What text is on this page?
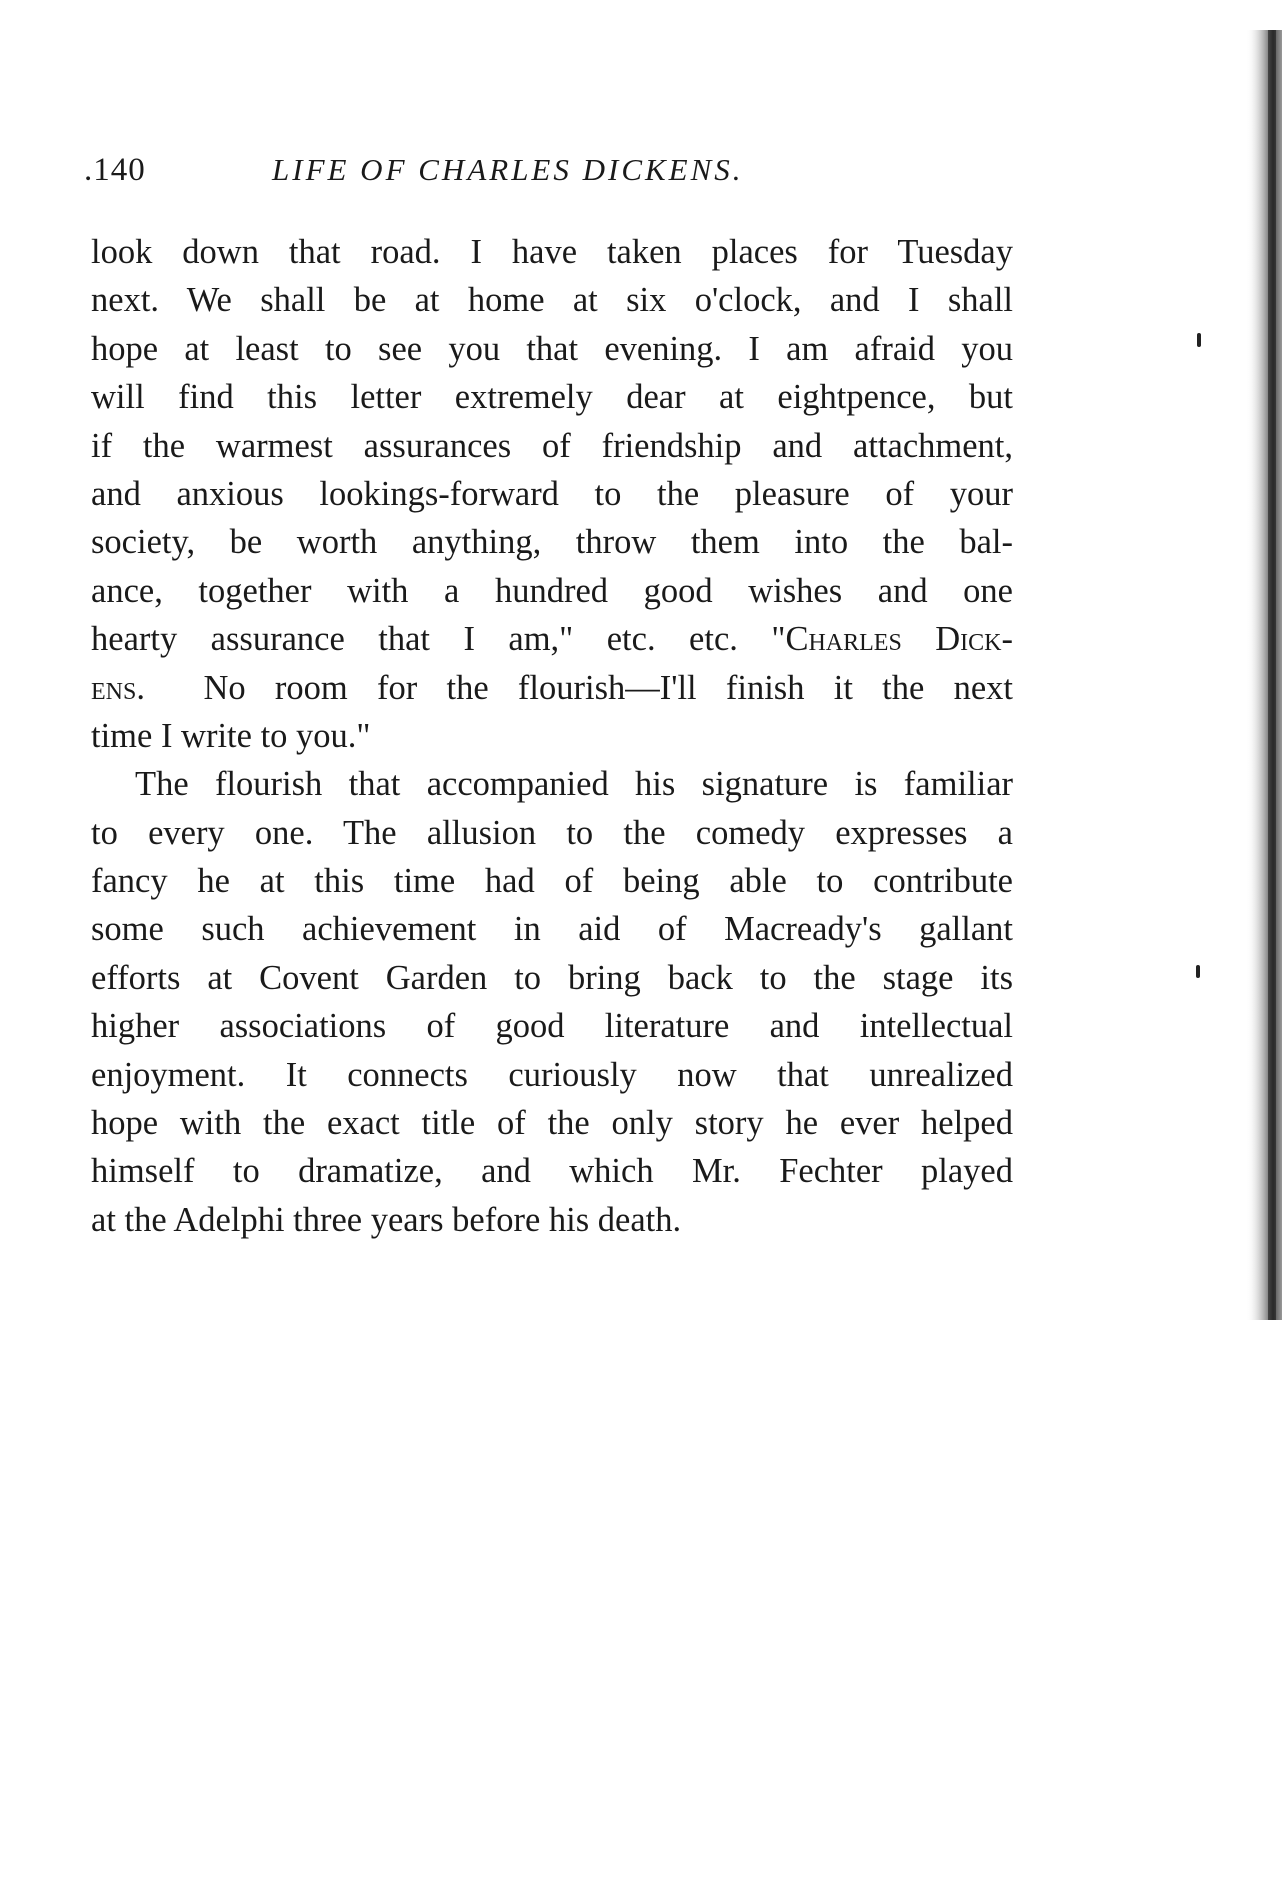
.140	LIFE OF CHARLES DICKENS.
look down that road. I have taken places for Tuesday
next. We shall be at home at six o'clock, and I shall
hope at least to see you that evening. I am afraid you
will find this letter extremely dear at eightpence, but
if the warmest assurances of friendship and attachment,
and anxious lookings-forward to the pleasure of your
society, be worth anything, throw them into the bal-
ance, together with a hundred good wishes and one
hearty assurance that I am," etc. etc. "Charles Dick-
ens. No room for the flourish—I'll finish it the next
time I write to you."
The flourish that accompanied his signature is familiar
to every one. The allusion to the comedy expresses a
fancy he at this time had of being able to contribute
some such achievement in aid of Macready's gallant
efforts at Covent Garden to bring back to the stage its
higher associations of good literature and intellectual
enjoyment. It connects curiously now that unrealized
hope with the exact title of the only story he ever helped
himself to dramatize, and which Mr. Fechter played
at the Adelphi three years before his death.
